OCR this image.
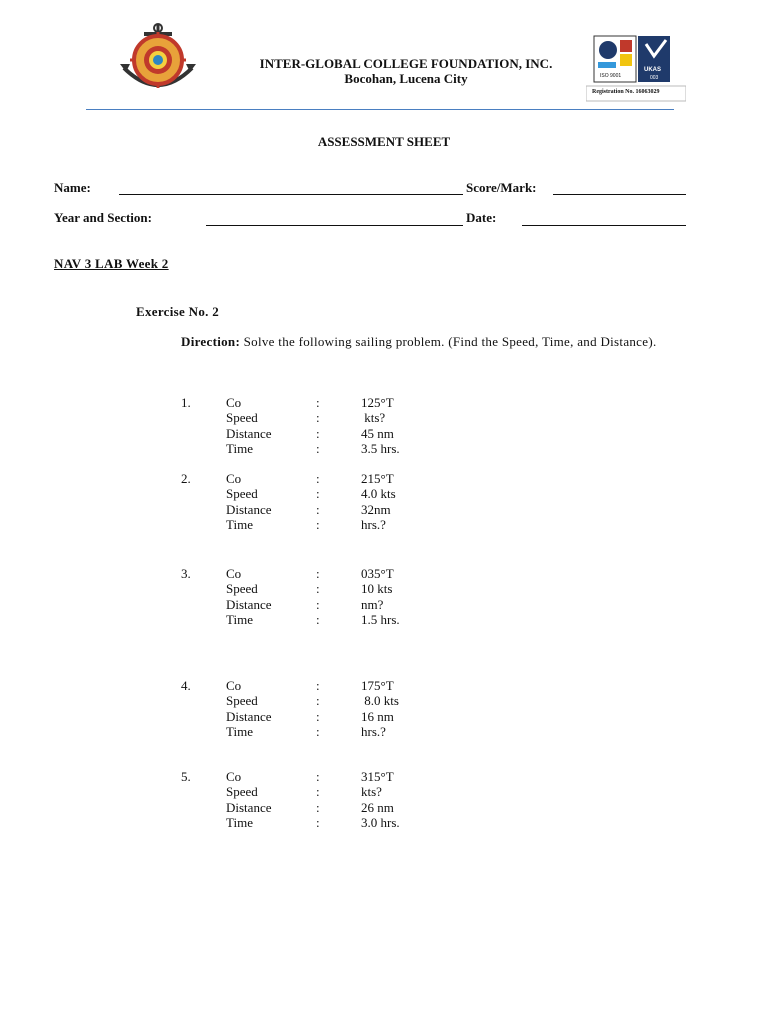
INTER-GLOBAL COLLEGE FOUNDATION, INC.
Bocohan, Lucena City	ISO 9001
UKAS
003
Registration No. 16063029
ASSESSMENT SHEET
Name:	Score/Mark:
Year and Section:	Date:
NAV 3 LAB Week 2
Exercise No. 2
Direction: Solve the following sailing problem. (Find the Speed, Time, and Distance).
1.	Co	:	125°T
Speed	:	kts?
Distance	:	45 nm
Time	:	3.5 hrs.
2.	Co	:	215°T
Speed	:	4.0 kts
Distance	:	32nm
Time	:	hrs.?
3.	Co	:	035°T
Speed	:	10 kts
Distance	:	nm?
Time	:	1.5 hrs.
4.	Co	:	175°T
Speed	:	8.0 kts
Distance	:	16 nm
Time	:	hrs.?
5.	Co	:	315°T
Speed	:	kts?
Distance	:	26 nm
Time	:	3.0 hrs.
